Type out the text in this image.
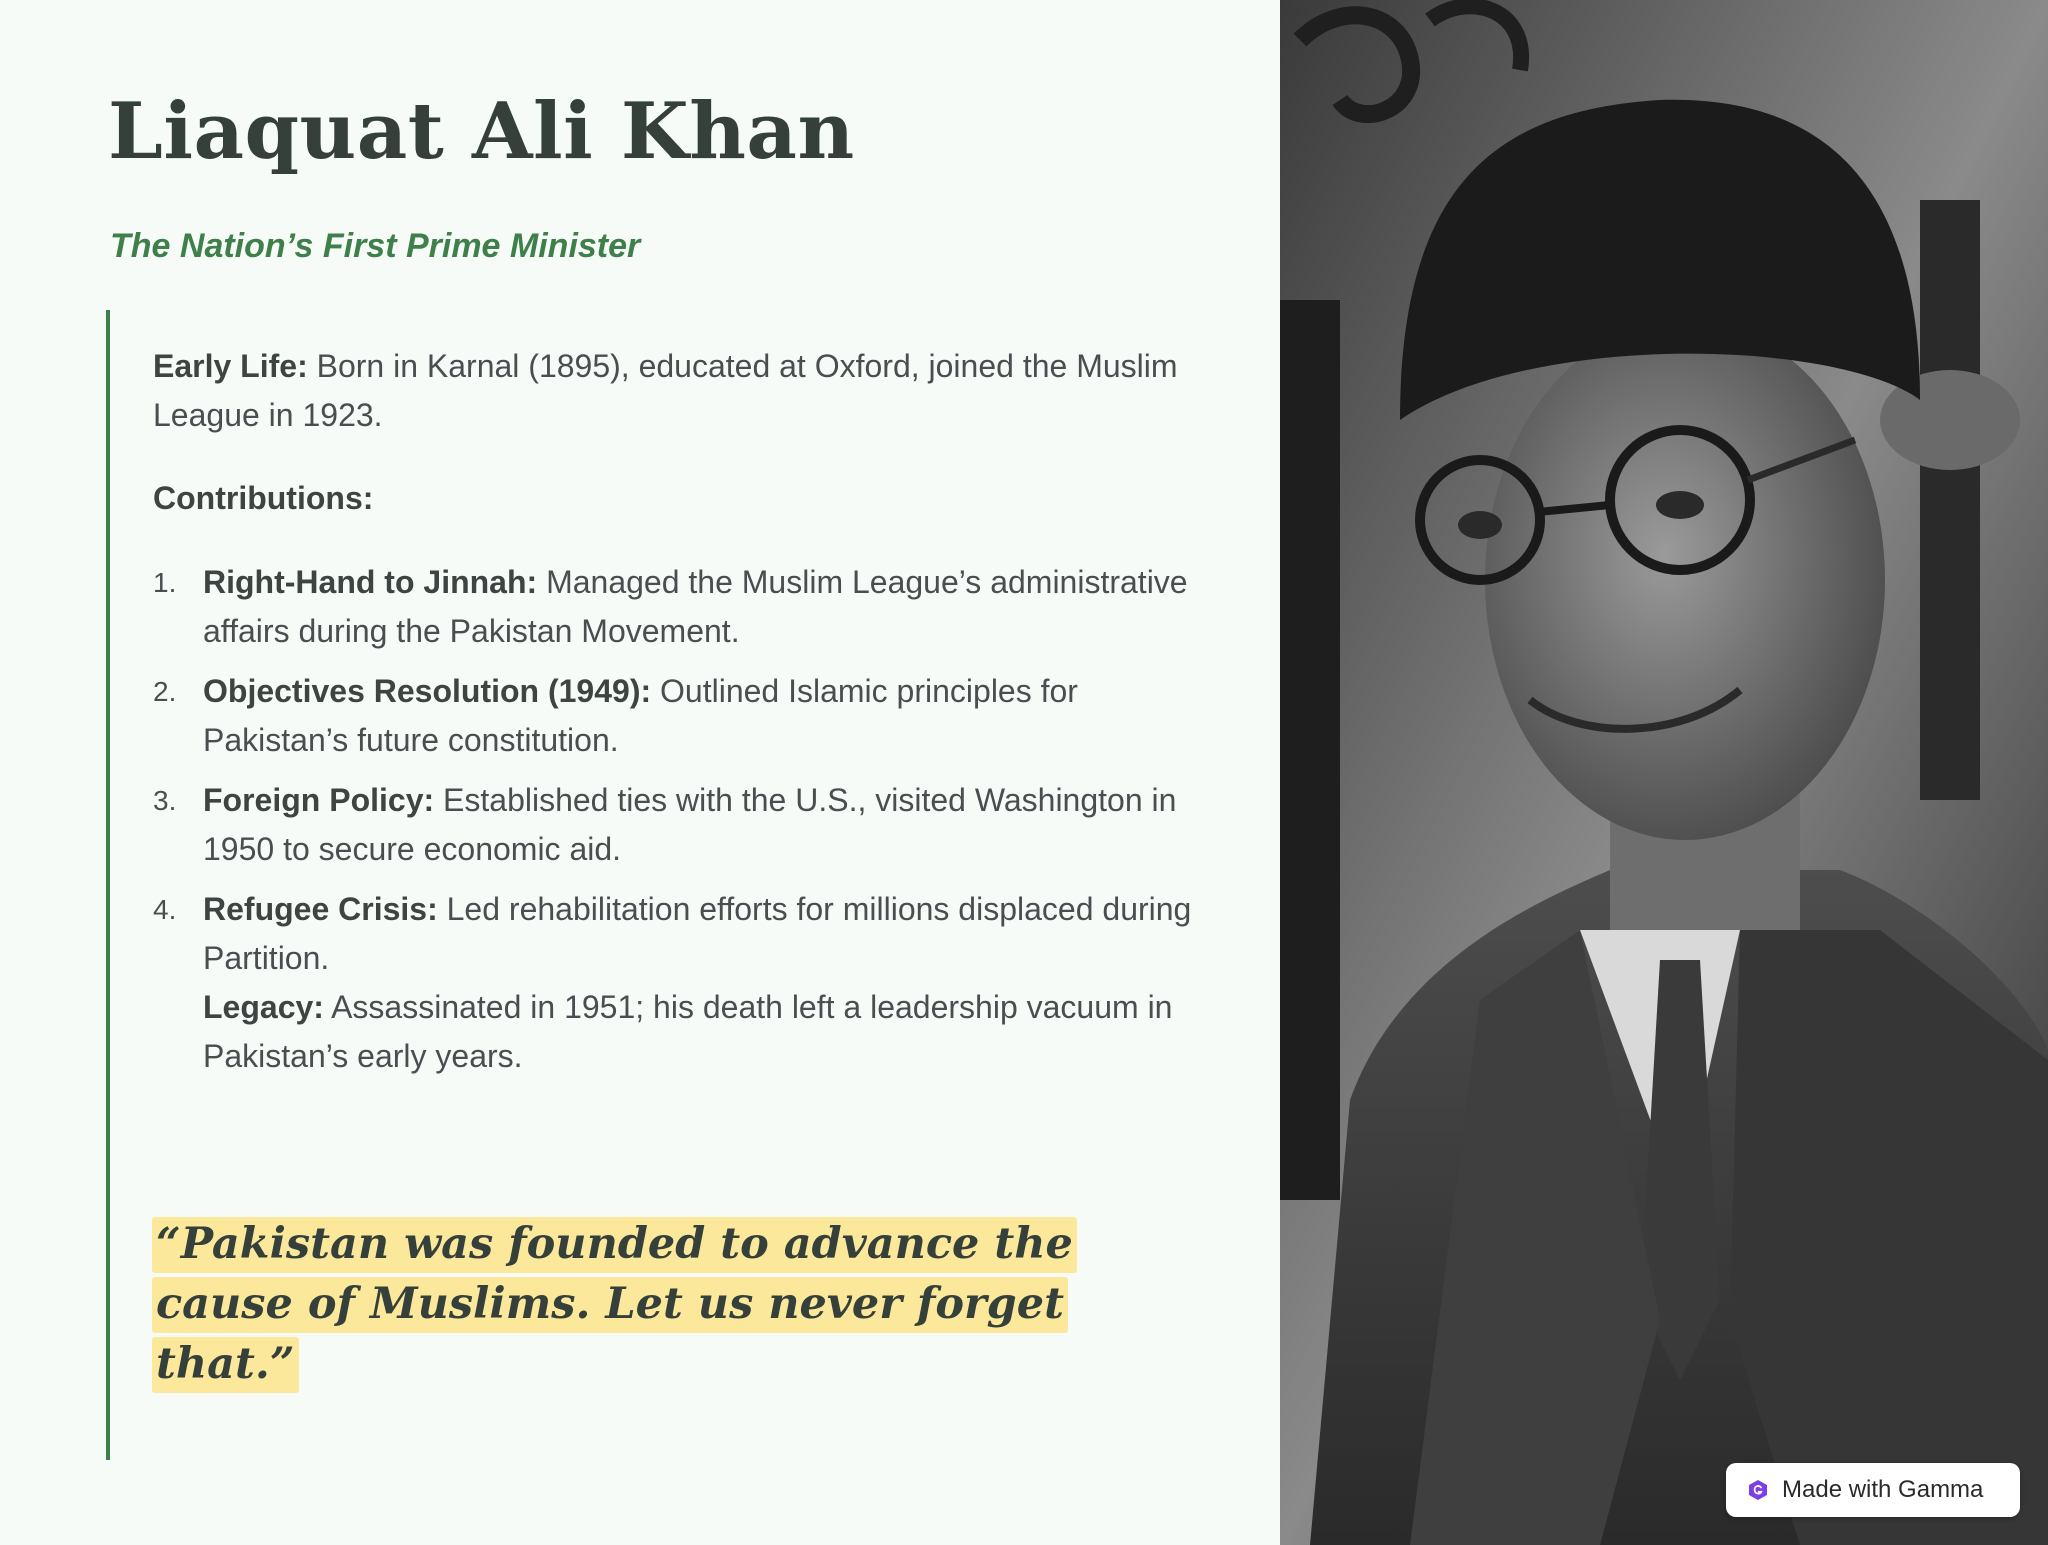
Liaquat Ali Khan

The Nation’s First Prime Minister

Early Life: Born in Karnal (1895), educated at Oxford, joined the Muslim League in 1923.
Contributions:
1. Right-Hand to Jinnah: Managed the Muslim League’s administrative affairs during the Pakistan Movement.
2. Objectives Resolution (1949): Outlined Islamic principles for Pakistan’s future constitution.
3. Foreign Policy: Established ties with the U.S., visited Washington in 1950 to secure economic aid.
4. Refugee Crisis: Led rehabilitation efforts for millions displaced during Partition.
Legacy: Assassinated in 1951; his death left a leadership vacuum in Pakistan’s early years.
“Pakistan was founded to advance the cause of Muslims. Let us never forget that.”
Made with Gamma
